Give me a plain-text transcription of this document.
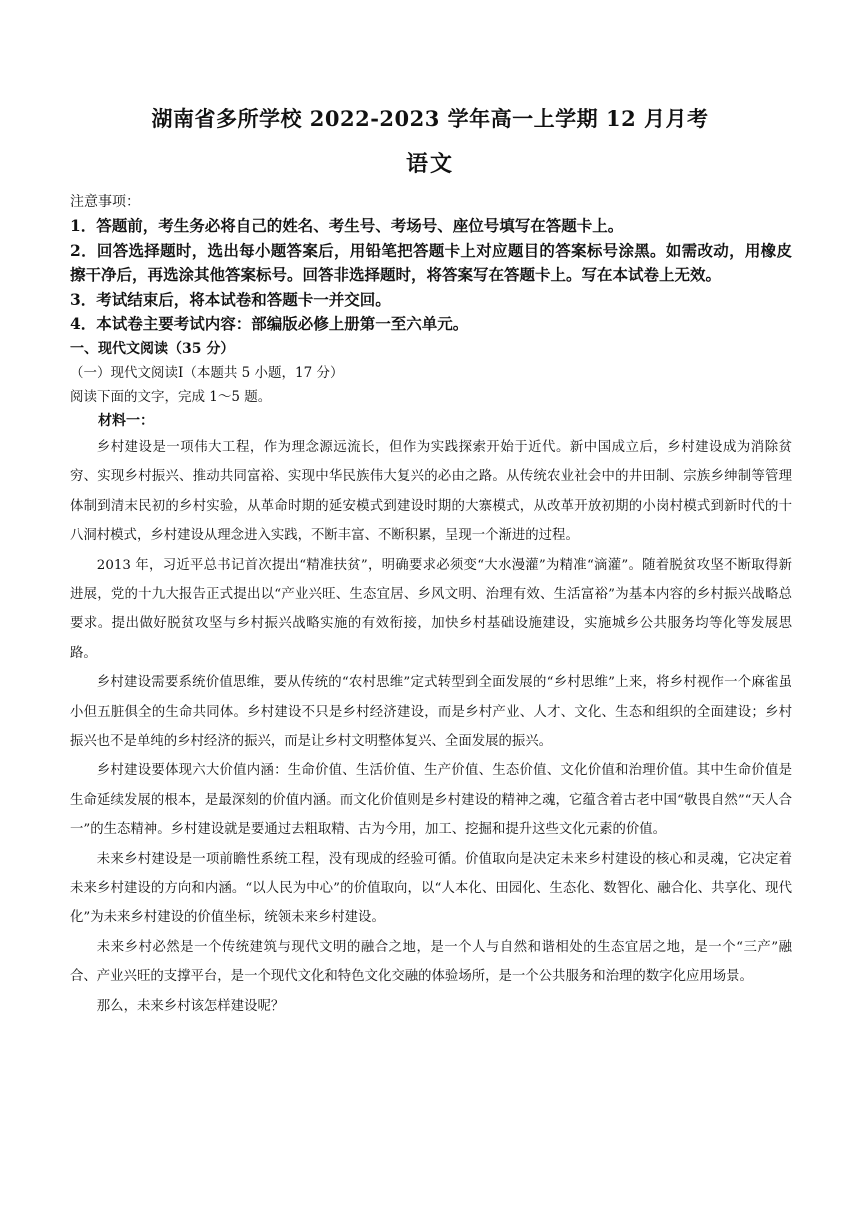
湖南省多所学校 2022-2023 学年高一上学期 12 月月考
语文
注意事项：
1．答题前，考生务必将自己的姓名、考生号、考场号、座位号填写在答题卡上。
2．回答选择题时，选出每小题答案后，用铅笔把答题卡上对应题目的答案标号涂黑。如需改动，用橡皮擦干净后，再选涂其他答案标号。回答非选择题时，将答案写在答题卡上。写在本试卷上无效。
3．考试结束后，将本试卷和答题卡一并交回。
4．本试卷主要考试内容：部编版必修上册第一至六单元。
一、现代文阅读（35 分）
（一）现代文阅读Ⅰ（本题共 5 小题，17 分）
阅读下面的文字，完成 1～5 题。
材料一：

乡村建设是一项伟大工程，作为理念源远流长，但作为实践探索开始于近代。新中国成立后，乡村建设成为消除贫穷、实现乡村振兴、推动共同富裕、实现中华民族伟大复兴的必由之路。从传统农业社会中的井田制、宗族乡绅制等管理体制到清末民初的乡村实验，从革命时期的延安模式到建设时期的大寨模式，从改革开放初期的小岗村模式到新时代的十八洞村模式，乡村建设从理念进入实践，不断丰富、不断积累，呈现一个渐进的过程。

2013 年，习近平总书记首次提出“精准扶贫”，明确要求必须变“大水漫灌”为精准“滴灌”。随着脱贫攻坚不断取得新进展，党的十九大报告正式提出以“产业兴旺、生态宜居、乡风文明、治理有效、生活富裕”为基本内容的乡村振兴战略总要求。提出做好脱贫攻坚与乡村振兴战略实施的有效衔接，加快乡村基础设施建设，实施城乡公共服务均等化等发展思路。

乡村建设需要系统价值思维，要从传统的“农村思维”定式转型到全面发展的“乡村思维”上来，将乡村视作一个麻雀虽小但五脏俱全的生命共同体。乡村建设不只是乡村经济建设，而是乡村产业、人才、文化、生态和组织的全面建设；乡村振兴也不是单纯的乡村经济的振兴，而是让乡村文明整体复兴、全面发展的振兴。

乡村建设要体现六大价值内涵：生命价值、生活价值、生产价值、生态价值、文化价值和治理价值。其中生命价值是生命延续发展的根本，是最深刻的价值内涵。而文化价值则是乡村建设的精神之魂，它蕴含着古老中国“敬畏自然”“天人合一”的生态精神。乡村建设就是要通过去粗取精、古为今用，加工、挖掘和提升这些文化元素的价值。

未来乡村建设是一项前瞻性系统工程，没有现成的经验可循。价值取向是决定未来乡村建设的核心和灵魂，它决定着未来乡村建设的方向和内涵。“以人民为中心”的价值取向，以“人本化、田园化、生态化、数智化、融合化、共享化、现代化”为未来乡村建设的价值坐标，统领未来乡村建设。

未来乡村必然是一个传统建筑与现代文明的融合之地，是一个人与自然和谐相处的生态宜居之地，是一个“三产”融合、产业兴旺的支撑平台，是一个现代文化和特色文化交融的体验场所，是一个公共服务和治理的数字化应用场景。

那么，未来乡村该怎样建设呢？
